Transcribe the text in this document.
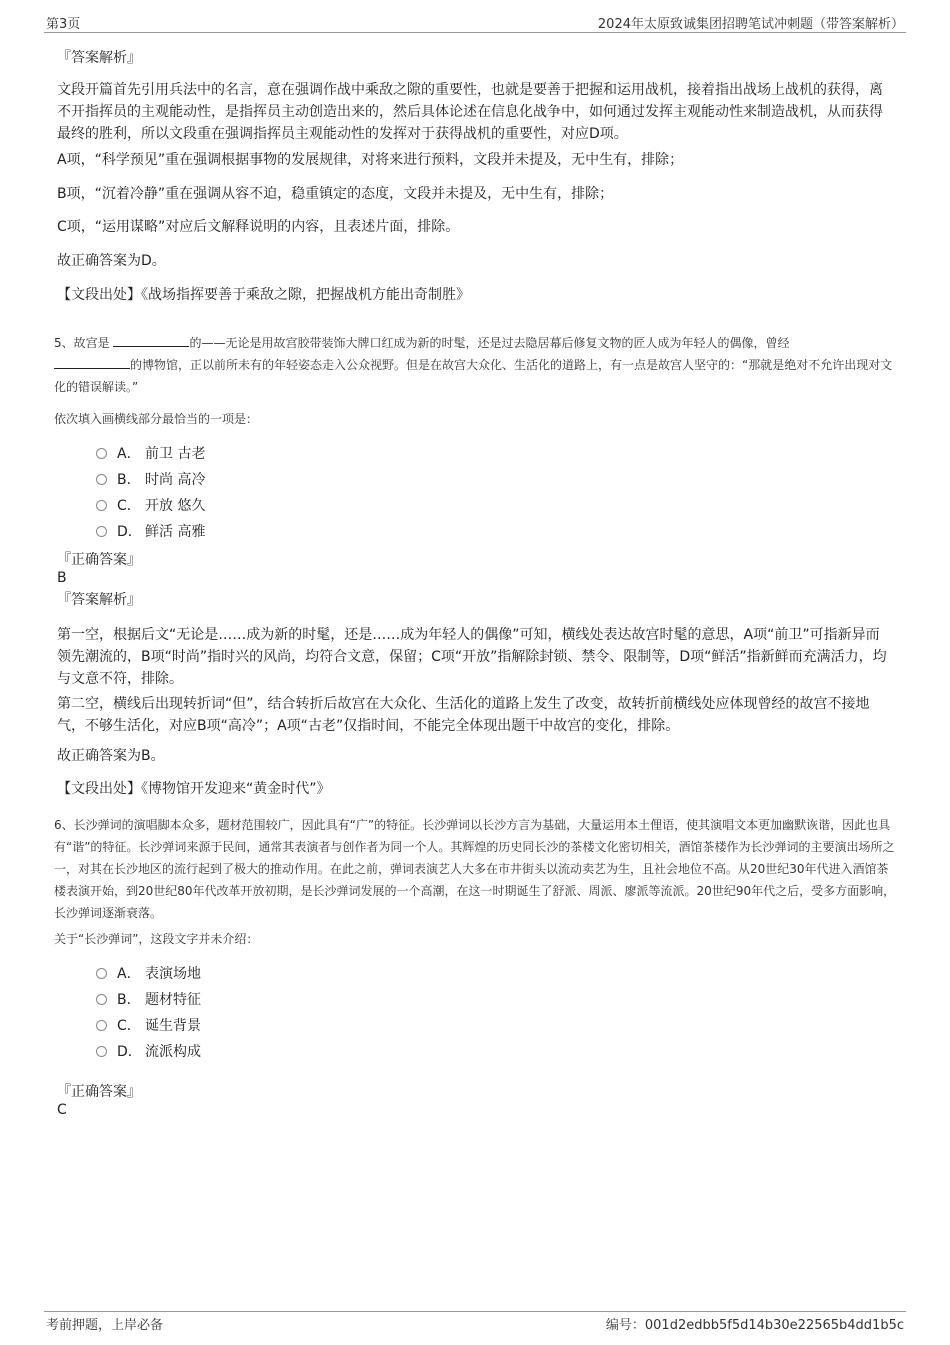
第3页	2024年太原致诚集团招聘笔试冲刺题（带答案解析）
『答案解析』
文段开篇首先引用兵法中的名言，意在强调作战中乘敌之隙的重要性，也就是要善于把握和运用战机，接着指出战场上战机的获得，离不开指挥员的主观能动性，是指挥员主动创造出来的，然后具体论述在信息化战争中，如何通过发挥主观能动性来制造战机，从而获得最终的胜利，所以文段重在强调指挥员主观能动性的发挥对于获得战机的重要性，对应D项。
A项，“科学预见”重在强调根据事物的发展规律，对将来进行预料，文段并未提及，无中生有，排除；
B项，“沉着冷静”重在强调从容不迫，稳重镇定的态度，文段并未提及，无中生有，排除；
C项，“运用谋略”对应后文解释说明的内容，且表述片面，排除。
故正确答案为D。
【文段出处】《战场指挥要善于乘敌之隙，把握战机方能出奇制胜》
5、故宫是	的——无论是用故宫胶带装饰大牌口红成为新的时髦，还是过去隐居幕后修复文物的匠人成为年轻人的偶像，曾经
的博物馆，正以前所未有的年轻姿态走入公众视野。但是在故宫大众化、生活化的道路上，有一点是故宫人坚守的：“那就是绝对不允许出现对文化的错误解读。”
依次填入画横线部分最恰当的一项是：
A． 前卫 古老
B． 时尚 高冷
C． 开放 悠久
D． 鲜活 高雅
『正确答案』
B
『答案解析』
第一空，根据后文“无论是……成为新的时髦，还是……成为年轻人的偶像”可知，横线处表达故宫时髦的意思，A项“前卫”可指新异而领先潮流的，B项“时尚”指时兴的风尚，均符合文意，保留；C项“开放”指解除封锁、禁令、限制等，D项“鲜活”指新鲜而充满活力，均与文意不符，排除。
第二空，横线后出现转折词“但”，结合转折后故宫在大众化、生活化的道路上发生了改变，故转折前横线处应体现曾经的故宫不接地气，不够生活化，对应B项“高冷”；A项“古老”仅指时间，不能完全体现出题干中故宫的变化，排除。
故正确答案为B。
【文段出处】《博物馆开发迎来“黄金时代”》
6、长沙弹词的演唱脚本众多，题材范围较广，因此具有“广”的特征。长沙弹词以长沙方言为基础，大量运用本土俚语，使其演唱文本更加幽默诙谐，因此也具有“谐”的特征。长沙弹词来源于民间，通常其表演者与创作者为同一个人。其辉煌的历史同长沙的茶楼文化密切相关，酒馆茶楼作为长沙弹词的主要演出场所之一，对其在长沙地区的流行起到了极大的推动作用。在此之前，弹词表演艺人大多在市井街头以流动卖艺为生，且社会地位不高。从20世纪30年代进入酒馆茶楼表演开始，到20世纪80年代改革开放初期，是长沙弹词发展的一个高潮，在这一时期诞生了舒派、周派、廖派等流派。20世纪90年代之后，受多方面影响，长沙弹词逐渐衰落。
关于“长沙弹词”，这段文字并未介绍：
A． 表演场地
B． 题材特征
C． 诞生背景
D． 流派构成
『正确答案』
C
考前押题，上岸必备	编号：001d2edbb5f5d14b30e22565b4dd1b5c
